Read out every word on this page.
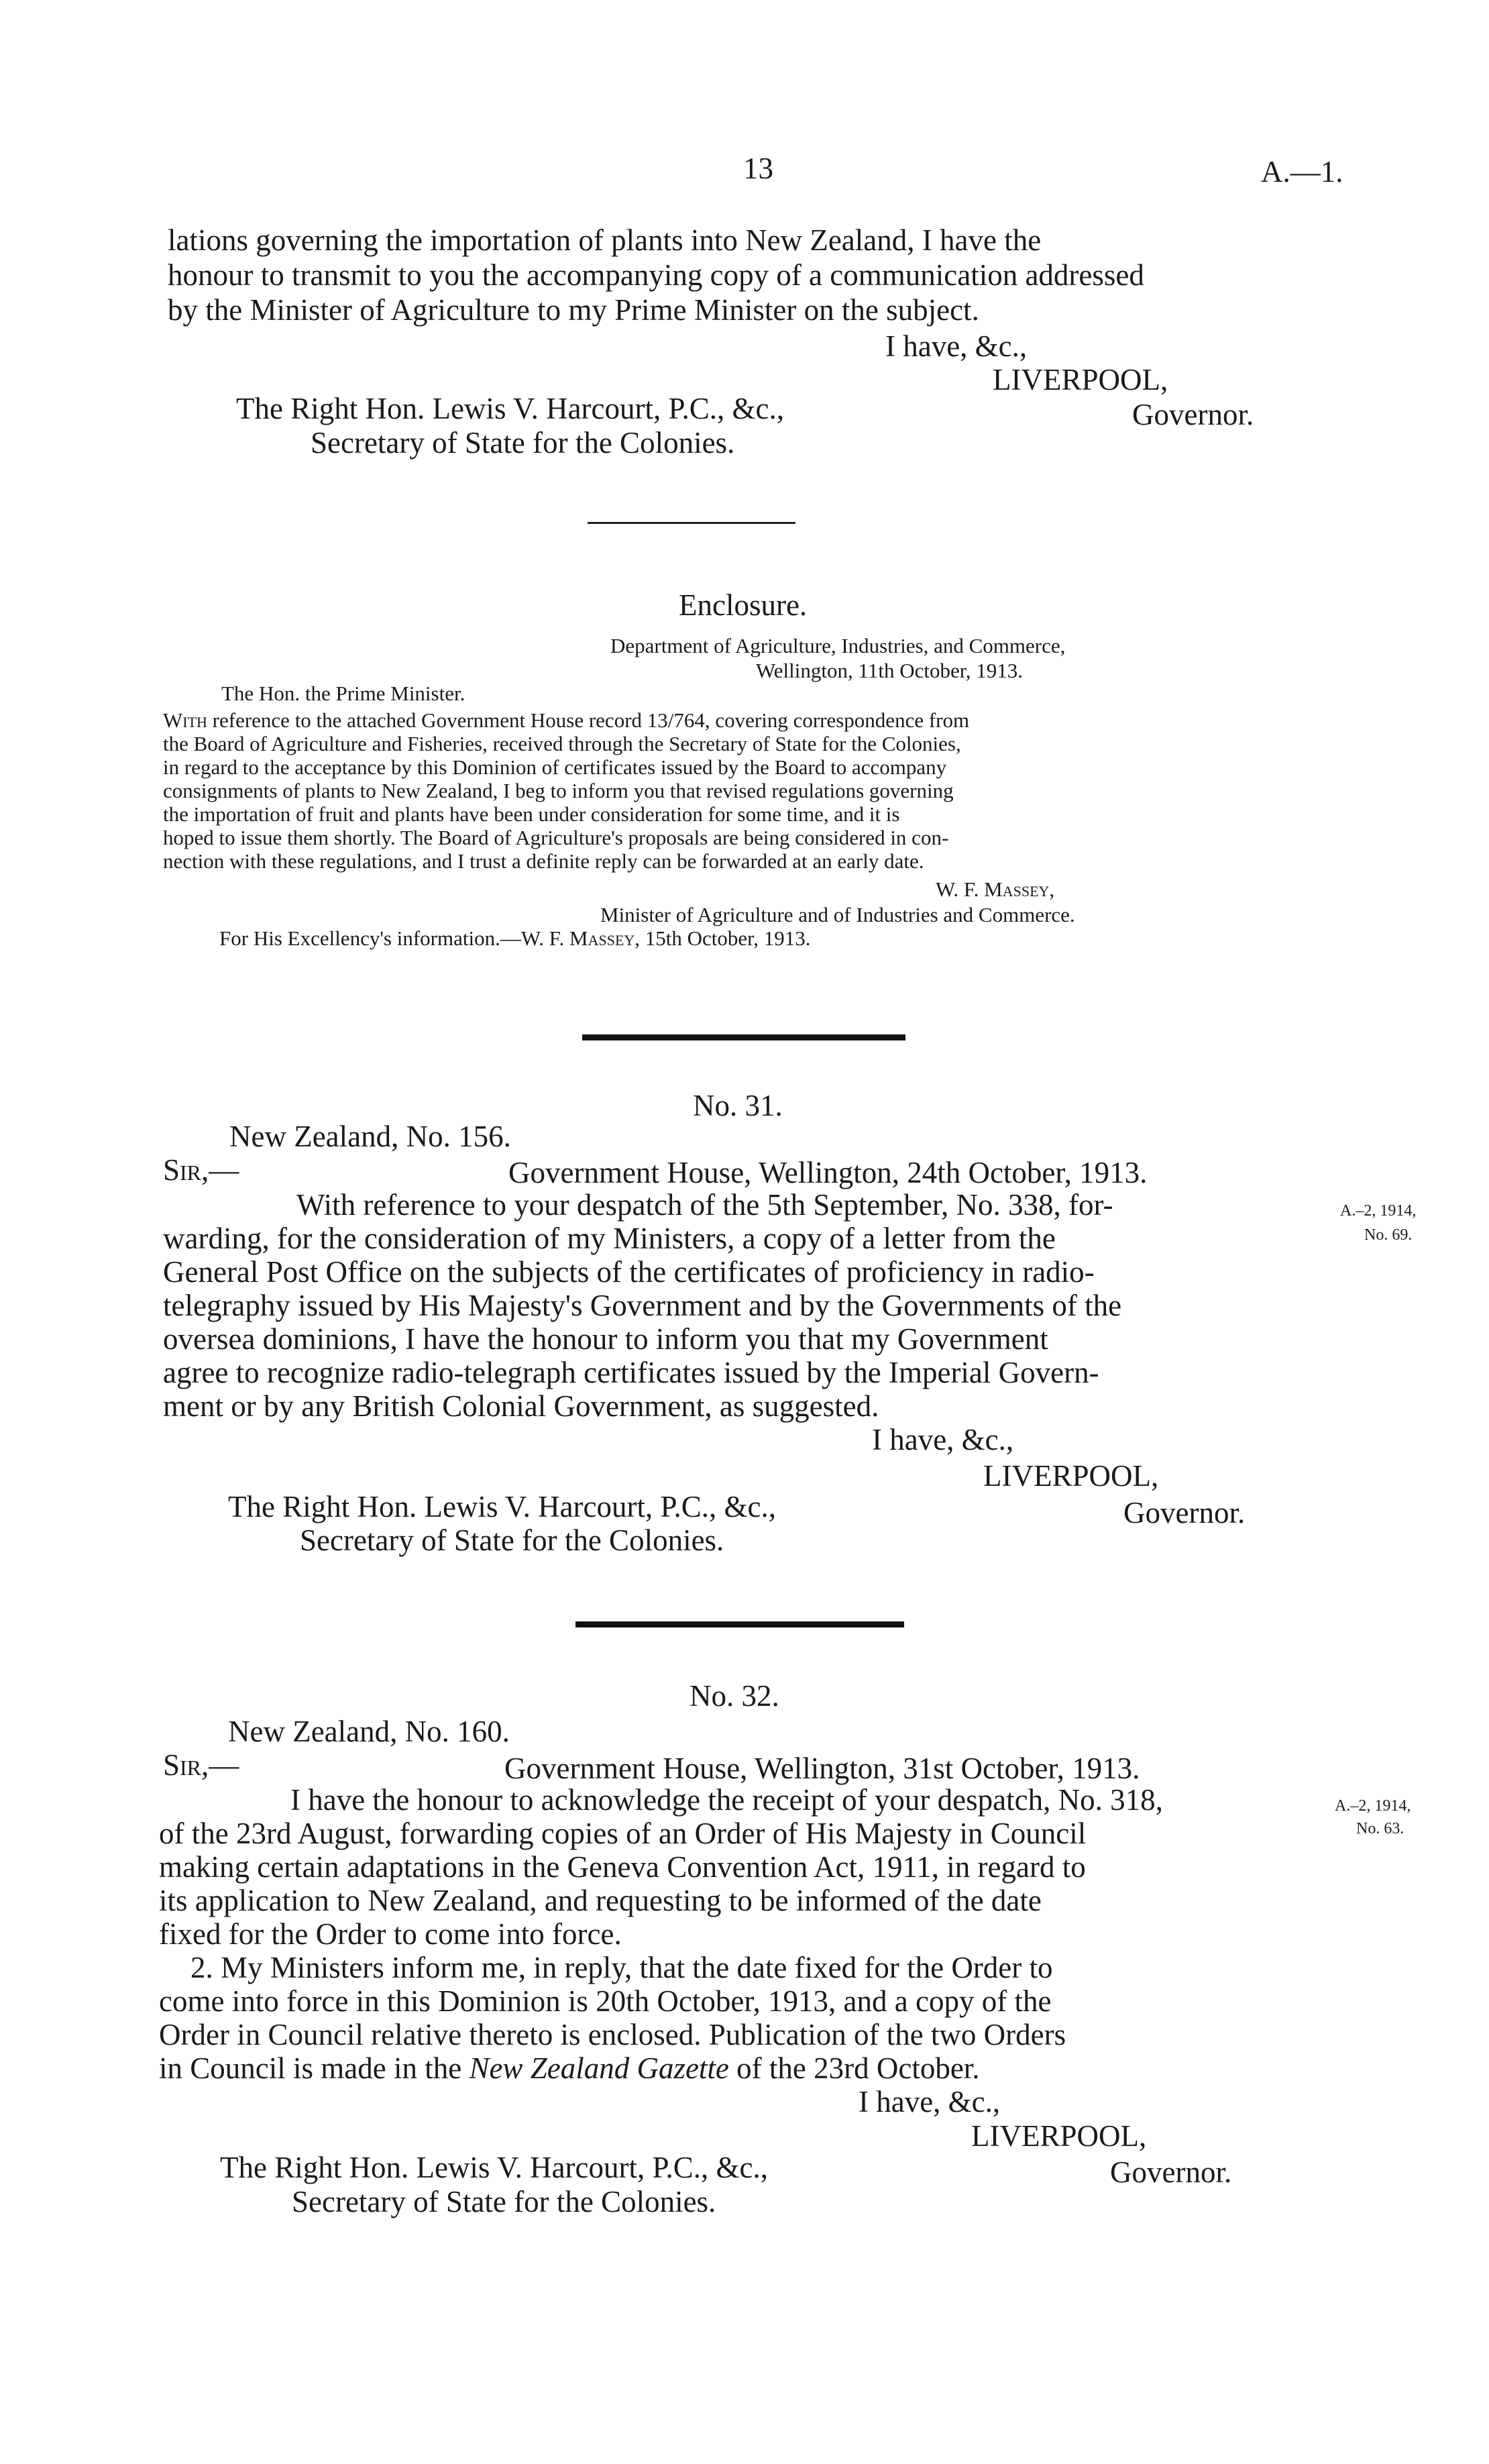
13	A.—1.
lations governing the importation of plants into New Zealand, I have the
honour to transmit to you the accompanying copy of a communication addressed
by the Minister of Agriculture to my Prime Minister on the subject.
I have, &c.,
LIVERPOOL,
The Right Hon. Lewis V. Harcourt, P.C., &c.,	Governor.
Secretary of State for the Colonies.
Enclosure.
Department of Agriculture, Industries, and Commerce,
Wellington, 11th October, 1913.
The Hon. the Prime Minister.
With reference to the attached Government House record 13/764, covering correspondence from
the Board of Agriculture and Fisheries, received through the Secretary of State for the Colonies,
in regard to the acceptance by this Dominion of certificates issued by the Board to accompany
consignments of plants to New Zealand, I beg to inform you that revised regulations governing
the importation of fruit and plants have been under consideration for some time, and it is
hoped to issue them shortly. The Board of Agriculture's proposals are being considered in con-
nection with these regulations, and I trust a definite reply can be forwarded at an early date.
W. F. Massey,
Minister of Agriculture and of Industries and Commerce.
For His Excellency's information.—W. F. Massey, 15th October, 1913.
No. 31.
New Zealand, No. 156.
Sir,—	Government House, Wellington, 24th October, 1913.
With reference to your despatch of the 5th September, No. 338, for-
warding, for the consideration of my Ministers, a copy of a letter from the
General Post Office on the subjects of the certificates of proficiency in radio-
telegraphy issued by His Majesty's Government and by the Governments of the
oversea dominions, I have the honour to inform you that my Government
agree to recognize radio-telegraph certificates issued by the Imperial Govern-
ment or by any British Colonial Government, as suggested.
A.–2, 1914,
No. 69.
I have, &c.,
LIVERPOOL,
The Right Hon. Lewis V. Harcourt, P.C., &c.,	Governor.
Secretary of State for the Colonies.
No. 32.
New Zealand, No. 160.
Sir,—	Government House, Wellington, 31st October, 1913.
I have the honour to acknowledge the receipt of your despatch, No. 318,
of the 23rd August, forwarding copies of an Order of His Majesty in Council
making certain adaptations in the Geneva Convention Act, 1911, in regard to
its application to New Zealand, and requesting to be informed of the date
fixed for the Order to come into force.
2. My Ministers inform me, in reply, that the date fixed for the Order to
come into force in this Dominion is 20th October, 1913, and a copy of the
Order in Council relative thereto is enclosed. Publication of the two Orders
in Council is made in the New Zealand Gazette of the 23rd October.
A.–2, 1914,
No. 63.
I have, &c.,
LIVERPOOL,
The Right Hon. Lewis V. Harcourt, P.C., &c.,	Governor.
Secretary of State for the Colonies.
